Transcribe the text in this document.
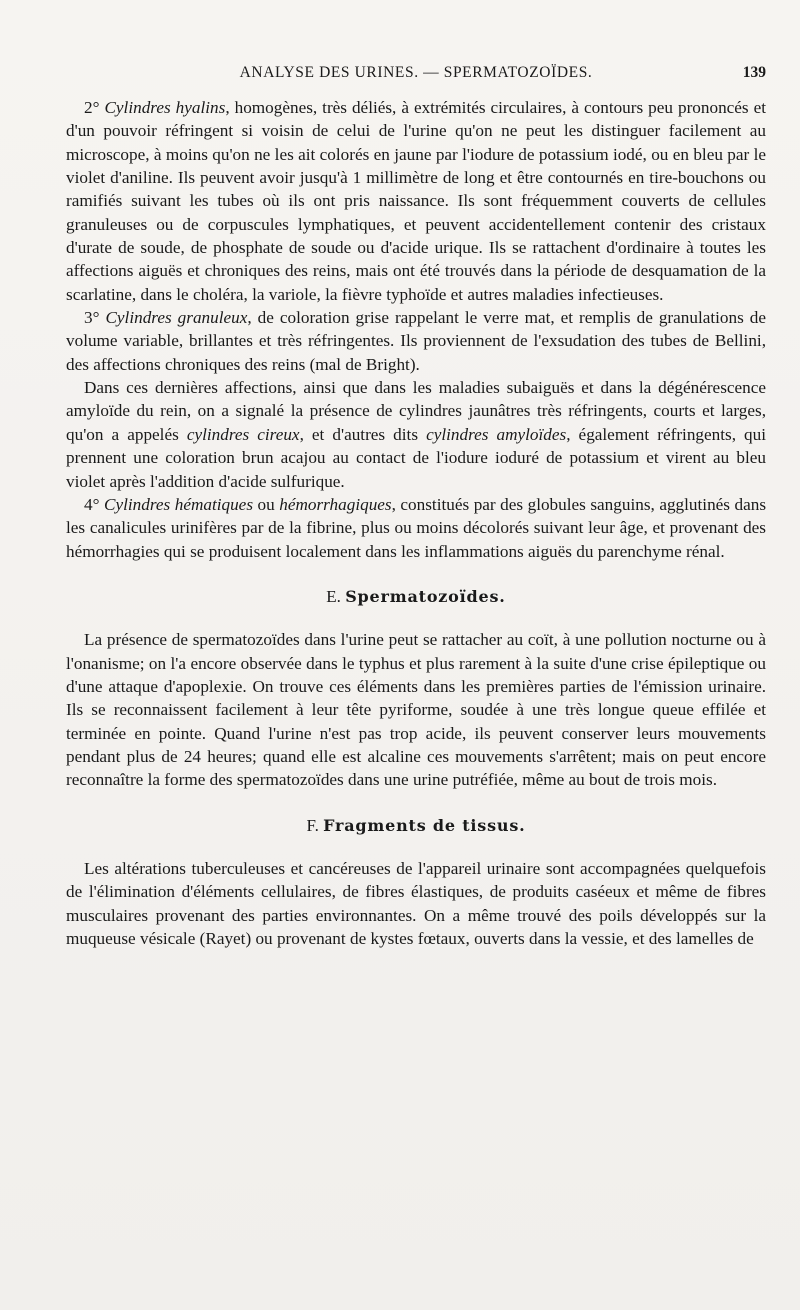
ANALYSE DES URINES. — SPERMATOZOÏDES.	139

2° Cylindres hyalins, homogènes, très déliés, à extrémités circulaires, à contours peu prononcés et d'un pouvoir réfringent si voisin de celui de l'urine qu'on ne peut les distinguer facilement au microscope, à moins qu'on ne les ait colorés en jaune par l'iodure de potassium iodé, ou en bleu par le violet d'aniline. Ils peuvent avoir jusqu'à 1 millimètre de long et être contournés en tire-bouchons ou ramifiés suivant les tubes où ils ont pris naissance. Ils sont fréquemment couverts de cellules granuleuses ou de corpuscules lymphatiques, et peuvent accidentellement contenir des cristaux d'urate de soude, de phosphate de soude ou d'acide urique. Ils se rattachent d'ordinaire à toutes les affections aiguës et chroniques des reins, mais ont été trouvés dans la période de desquamation de la scarlatine, dans le choléra, la variole, la fièvre typhoïde et autres maladies infectieuses.

3° Cylindres granuleux, de coloration grise rappelant le verre mat, et remplis de granulations de volume variable, brillantes et très réfringentes. Ils proviennent de l'exsudation des tubes de Bellini, des affections chroniques des reins (mal de Bright).

Dans ces dernières affections, ainsi que dans les maladies subaiguës et dans la dégénérescence amyloïde du rein, on a signalé la présence de cylindres jaunâtres très réfringents, courts et larges, qu'on a appelés cylindres cireux, et d'autres dits cylindres amyloïdes, également réfringents, qui prennent une coloration brun acajou au contact de l'iodure ioduré de potassium et virent au bleu violet après l'addition d'acide sulfurique.

4° Cylindres hématiques ou hémorrhagiques, constitués par des globules sanguins, agglutinés dans les canalicules urinifères par de la fibrine, plus ou moins décolorés suivant leur âge, et provenant des hémorrhagies qui se produisent localement dans les inflammations aiguës du parenchyme rénal.

E. Spermatozoïdes.

La présence de spermatozoïdes dans l'urine peut se rattacher au coït, à une pollution nocturne ou à l'onanisme; on l'a encore observée dans le typhus et plus rarement à la suite d'une crise épileptique ou d'une attaque d'apoplexie. On trouve ces éléments dans les premières parties de l'émission urinaire. Ils se reconnaissent facilement à leur tête pyriforme, soudée à une très longue queue effilée et terminée en pointe. Quand l'urine n'est pas trop acide, ils peuvent conserver leurs mouvements pendant plus de 24 heures; quand elle est alcaline ces mouvements s'arrêtent; mais on peut encore reconnaître la forme des spermatozoïdes dans une urine putréfiée, même au bout de trois mois.

F. Fragments de tissus.

Les altérations tuberculeuses et cancéreuses de l'appareil urinaire sont accompagnées quelquefois de l'élimination d'éléments cellulaires, de fibres élastiques, de produits caséeux et même de fibres musculaires provenant des parties environnantes. On a même trouvé des poils développés sur la muqueuse vésicale (Rayet) ou provenant de kystes fœtaux, ouverts dans la vessie, et des lamelles de
